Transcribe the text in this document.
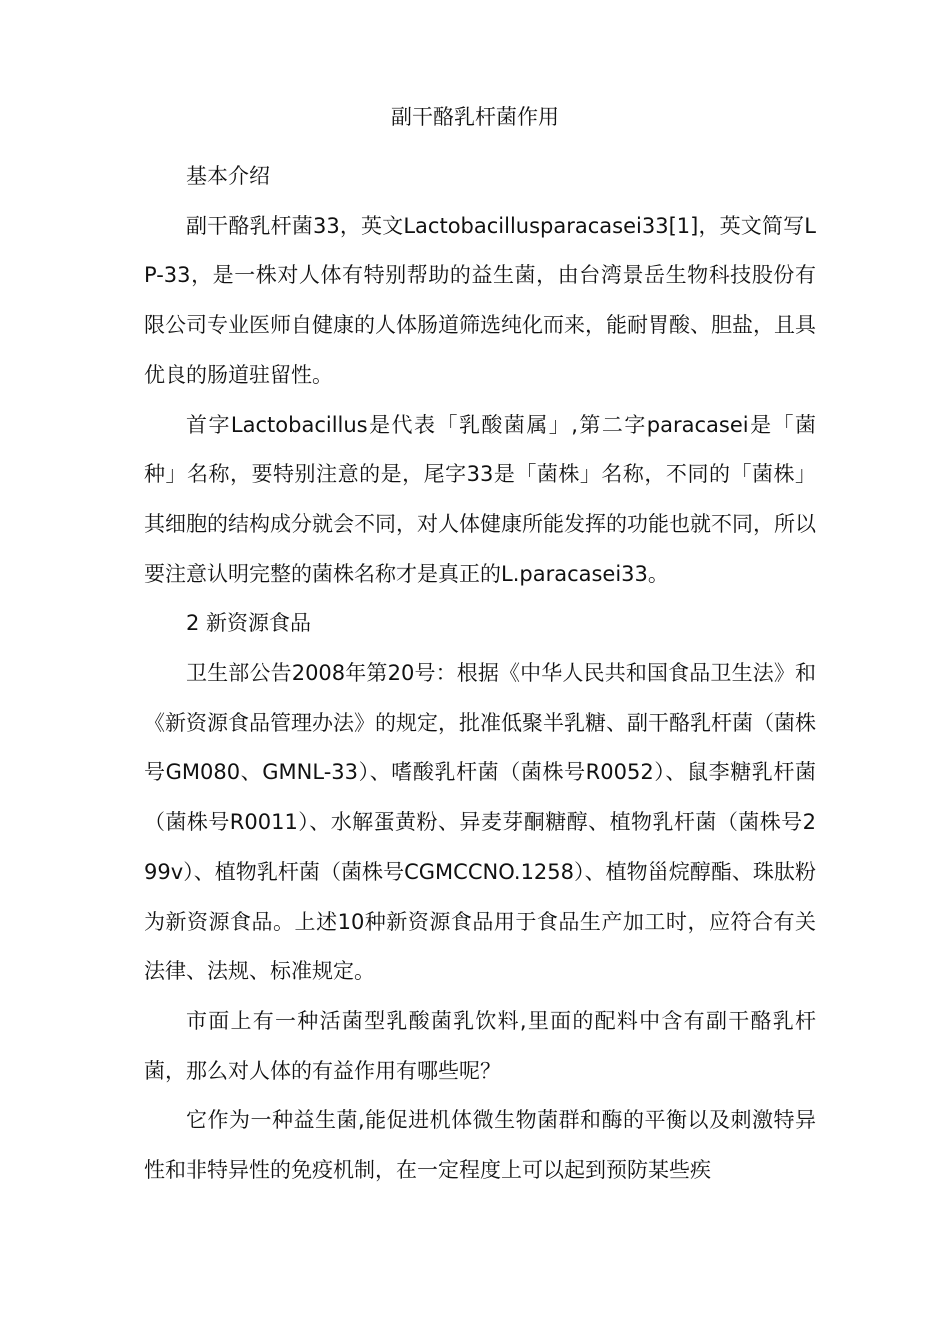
副干酪乳杆菌作用

基本介绍

副干酪乳杆菌33，英文Lactobacillusparacasei33[1]，英文简写LP-33，是一株对人体有特别帮助的益生菌，由台湾景岳生物科技股份有限公司专业医师自健康的人体肠道筛选纯化而来，能耐胃酸、胆盐，且具优良的肠道驻留性。

首字Lactobacillus是代表「乳酸菌属」,第二字paracasei是「菌种」名称，要特别注意的是，尾字33是「菌株」名称，不同的「菌株」其细胞的结构成分就会不同，对人体健康所能发挥的功能也就不同，所以要注意认明完整的菌株名称才是真正的L.paracasei33。

2 新资源食品

卫生部公告2008年第20号：根据《中华人民共和国食品卫生法》和《新资源食品管理办法》的规定，批准低聚半乳糖、副干酪乳杆菌（菌株号GM080、GMNL-33）、嗜酸乳杆菌（菌株号R0052）、鼠李糖乳杆菌（菌株号R0011）、水解蛋黄粉、异麦芽酮糖醇、植物乳杆菌（菌株号299v）、植物乳杆菌（菌株号CGMCCNO.1258）、植物甾烷醇酯、珠肽粉为新资源食品。上述10种新资源食品用于食品生产加工时，应符合有关法律、法规、标准规定。

市面上有一种活菌型乳酸菌乳饮料,里面的配料中含有副干酪乳杆菌，那么对人体的有益作用有哪些呢？

它作为一种益生菌,能促进机体微生物菌群和酶的平衡以及刺激特异性和非特异性的免疫机制，在一定程度上可以起到预防某些疾
